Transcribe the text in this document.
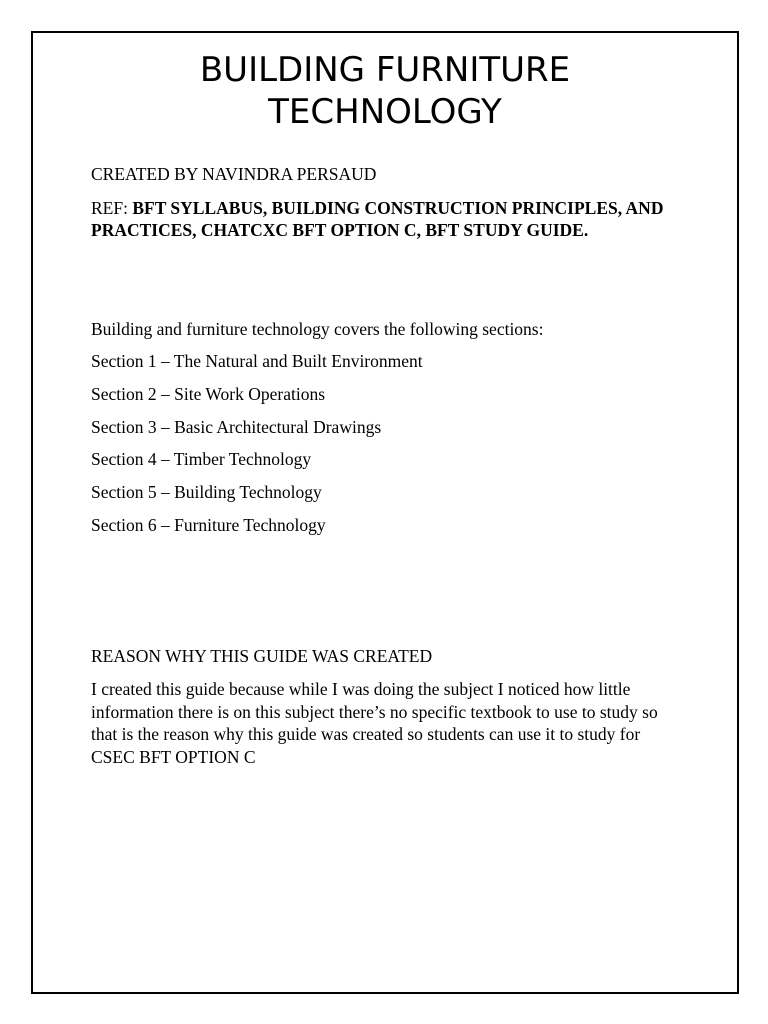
BUILDING FURNITURE
TECHNOLOGY

CREATED BY NAVINDRA PERSAUD

REF: BFT SYLLABUS, BUILDING CONSTRUCTION PRINCIPLES, AND PRACTICES, CHATCXC BFT OPTION C, BFT STUDY GUIDE.

Building and furniture technology covers the following sections:

Section 1 – The Natural and Built Environment

Section 2 – Site Work Operations

Section 3 – Basic Architectural Drawings

Section 4 – Timber Technology

Section 5 – Building Technology

Section 6 – Furniture Technology

REASON WHY THIS GUIDE WAS CREATED

I created this guide because while I was doing the subject I noticed how little information there is on this subject there’s no specific textbook to use to study so that is the reason why this guide was created so students can use it to study for CSEC BFT OPTION C
